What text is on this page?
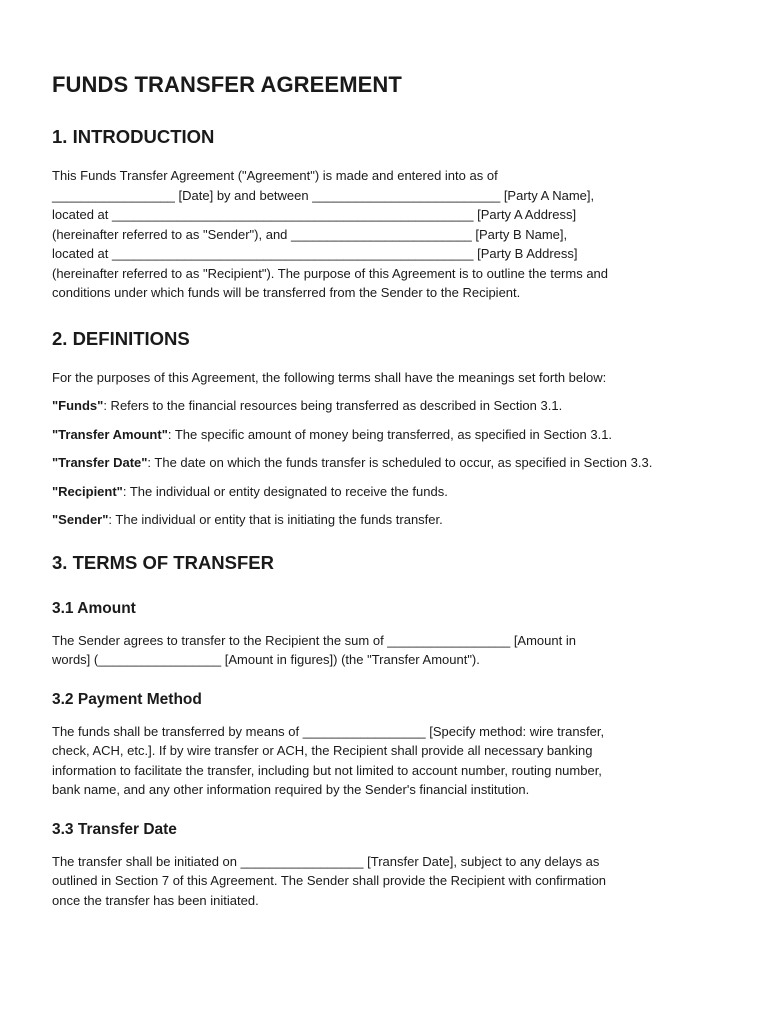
FUNDS TRANSFER AGREEMENT
1. INTRODUCTION

This Funds Transfer Agreement ("Agreement") is made and entered into as of
_________________ [Date] by and between __________________________ [Party A Name],
located at __________________________________________________ [Party A Address]
(hereinafter referred to as "Sender"), and _________________________ [Party B Name],
located at __________________________________________________ [Party B Address]
(hereinafter referred to as "Recipient"). The purpose of this Agreement is to outline the terms and
conditions under which funds will be transferred from the Sender to the Recipient.

2. DEFINITIONS

For the purposes of this Agreement, the following terms shall have the meanings set forth below:

"Funds": Refers to the financial resources being transferred as described in Section 3.1.

"Transfer Amount": The specific amount of money being transferred, as specified in Section 3.1.

"Transfer Date": The date on which the funds transfer is scheduled to occur, as specified in Section 3.3.

"Recipient": The individual or entity designated to receive the funds.

"Sender": The individual or entity that is initiating the funds transfer.

3. TERMS OF TRANSFER
3.1 Amount

The Sender agrees to transfer to the Recipient the sum of _________________ [Amount in
words] (_________________ [Amount in figures]) (the "Transfer Amount").

3.2 Payment Method

The funds shall be transferred by means of _________________ [Specify method: wire transfer,
check, ACH, etc.]. If by wire transfer or ACH, the Recipient shall provide all necessary banking
information to facilitate the transfer, including but not limited to account number, routing number,
bank name, and any other information required by the Sender's financial institution.

3.3 Transfer Date

The transfer shall be initiated on _________________ [Transfer Date], subject to any delays as
outlined in Section 7 of this Agreement. The Sender shall provide the Recipient with confirmation
once the transfer has been initiated.
